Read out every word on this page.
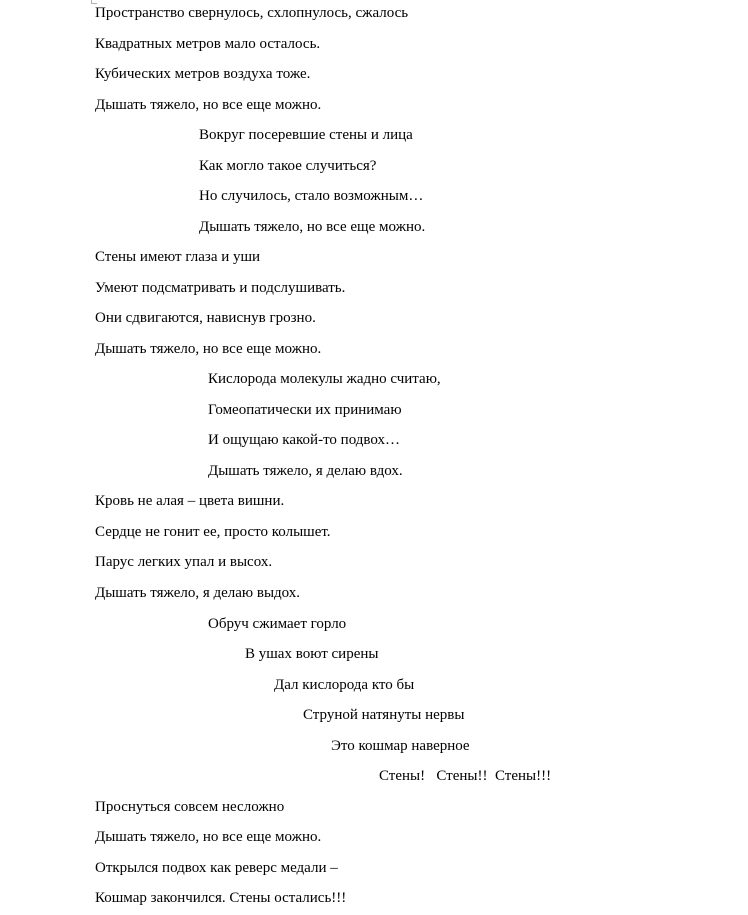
Пространство свернулось, схлопнулось, сжалось
Квадратных метров мало осталось.
Кубических метров воздуха тоже.
Дышать тяжело, но все еще можно.
Вокруг посеревшие стены и лица
Как могло такое случиться?
Но случилось, стало возможным…
Дышать тяжело, но все еще можно.
Стены имеют глаза и уши
Умеют подсматривать и подслушивать.
Они сдвигаются, нависнув грозно.
Дышать тяжело, но все еще можно.
Кислорода молекулы жадно считаю,
Гомеопатически их принимаю
И ощущаю какой-то подвох…
Дышать тяжело, я делаю вдох.
Кровь не алая – цвета вишни.
Сердце не гонит ее, просто колышет.
Парус легких упал и высох.
Дышать тяжело, я делаю выдох.
Обруч сжимает горло
В ушах воют сирены
Дал кислорода кто бы
Струной натянуты нервы
Это кошмар наверное
Стены!   Стены!!  Стены!!!
Проснуться совсем несложно
Дышать тяжело, но все еще можно.
Открылся подвох как реверс медали –
Кошмар закончился. Стены остались!!!
